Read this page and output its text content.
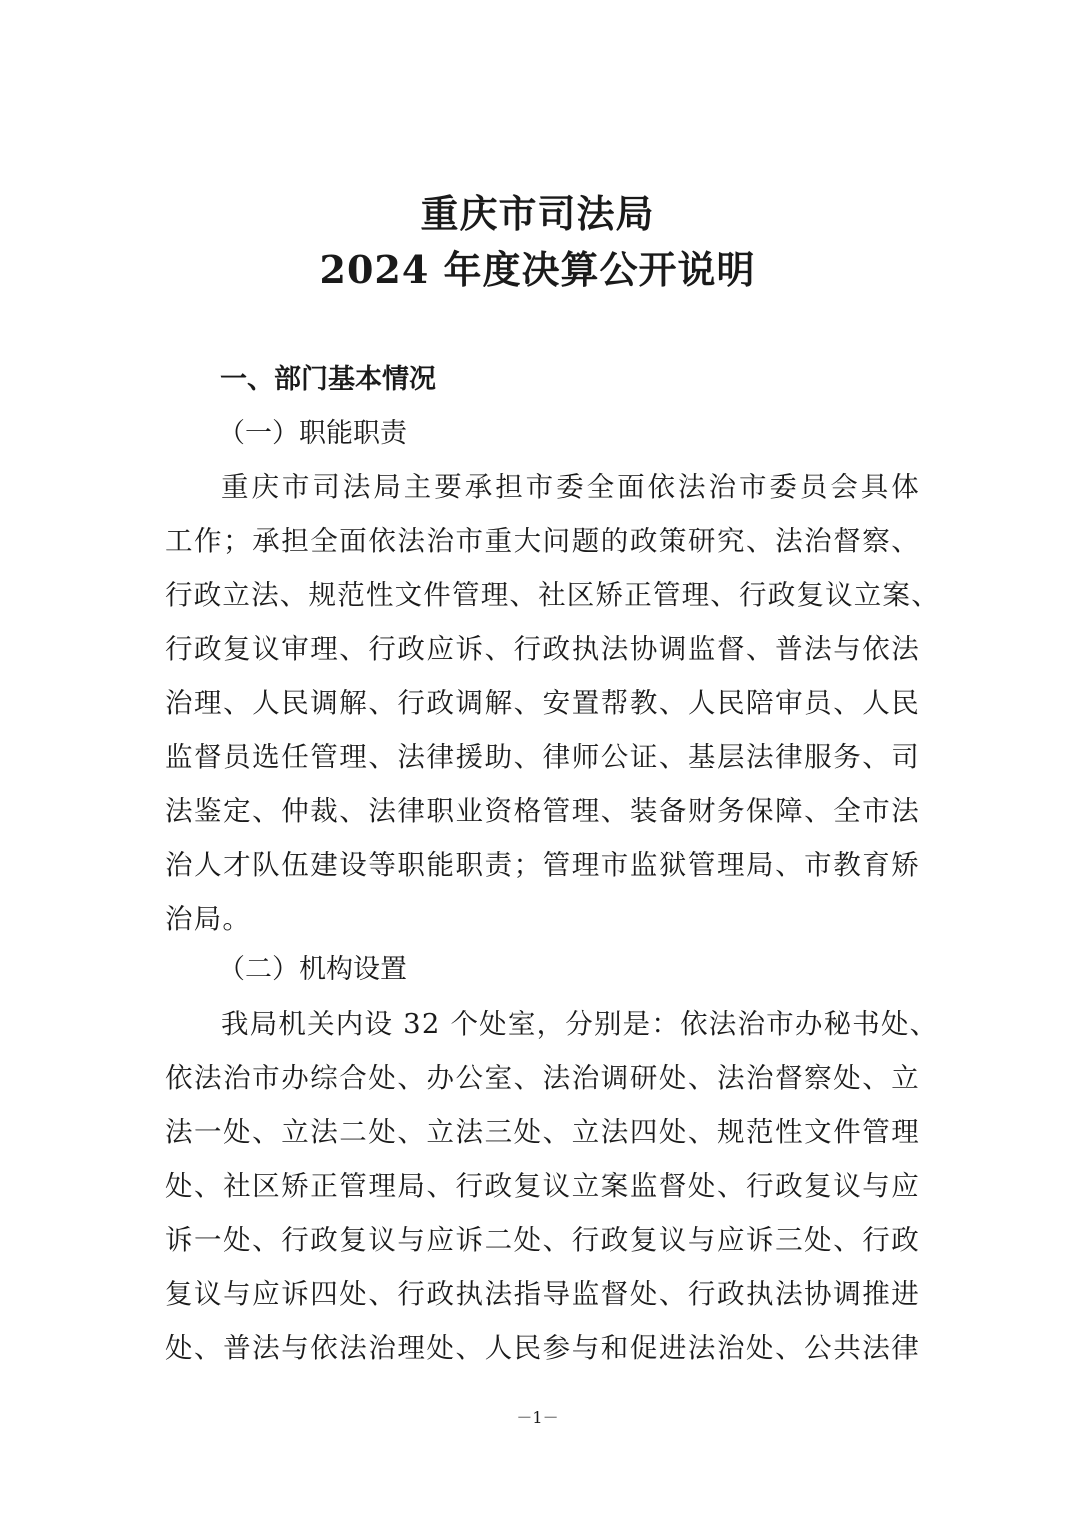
重庆市司法局
2024 年度决算公开说明
一、部门基本情况
（一）职能职责
重庆市司法局主要承担市委全面依法治市委员会具体
工作；承担全面依法治市重大问题的政策研究、法治督察、
行政立法、规范性文件管理、社区矫正管理、行政复议立案、
行政复议审理、行政应诉、行政执法协调监督、普法与依法
治理、人民调解、行政调解、安置帮教、人民陪审员、人民
监督员选任管理、法律援助、律师公证、基层法律服务、司
法鉴定、仲裁、法律职业资格管理、装备财务保障、全市法
治人才队伍建设等职能职责；管理市监狱管理局、市教育矫
治局。
（二）机构设置
我局机关内设 32 个处室，分别是：依法治市办秘书处、
依法治市办综合处、办公室、法治调研处、法治督察处、立
法一处、立法二处、立法三处、立法四处、规范性文件管理
处、社区矫正管理局、行政复议立案监督处、行政复议与应
诉一处、行政复议与应诉二处、行政复议与应诉三处、行政
复议与应诉四处、行政执法指导监督处、行政执法协调推进
处、普法与依法治理处、人民参与和促进法治处、公共法律
－1－
